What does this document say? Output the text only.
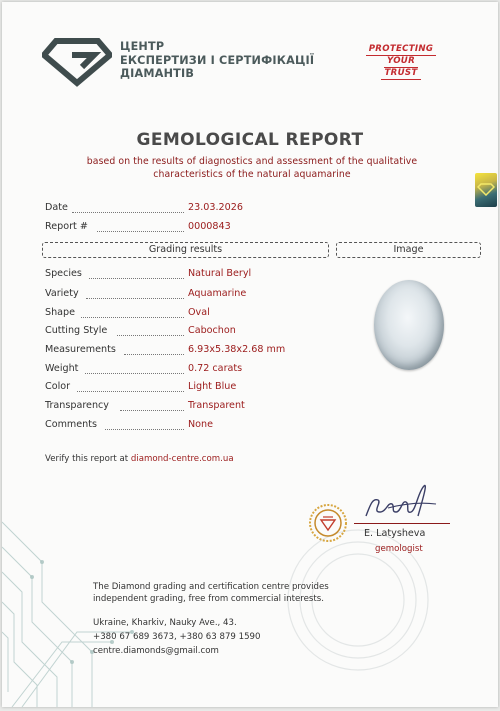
ЦЕНТР
ЕКСПЕРТИЗИ І СЕРТИФІКАЦІЇ
ДІАМАНТІВ
PROTECTING
YOUR
TRUST
GEMOLOGICAL REPORT
based on the results of diagnostics and assessment of the qualitative
characteristics of the natural aquamarine
Date	23.03.2026
Report #	0000843
Grading results	Image
Species	Natural Beryl
Variety	Aquamarine
Shape	Oval
Cutting Style	Cabochon
Measurements	6.93x5.38x2.68 mm
Weight	0.72 carats
Color	Light Blue
Transparency	Transparent
Comments	None
Verify this report at diamond-centre.com.ua
E. Latysheva
gemologist
The Diamond grading and certification centre provides
independent grading, free from commercial interests.
Ukraine, Kharkiv, Nauky Ave., 43.
+380 67 689 3673, +380 63 879 1590
centre.diamonds@gmail.com
